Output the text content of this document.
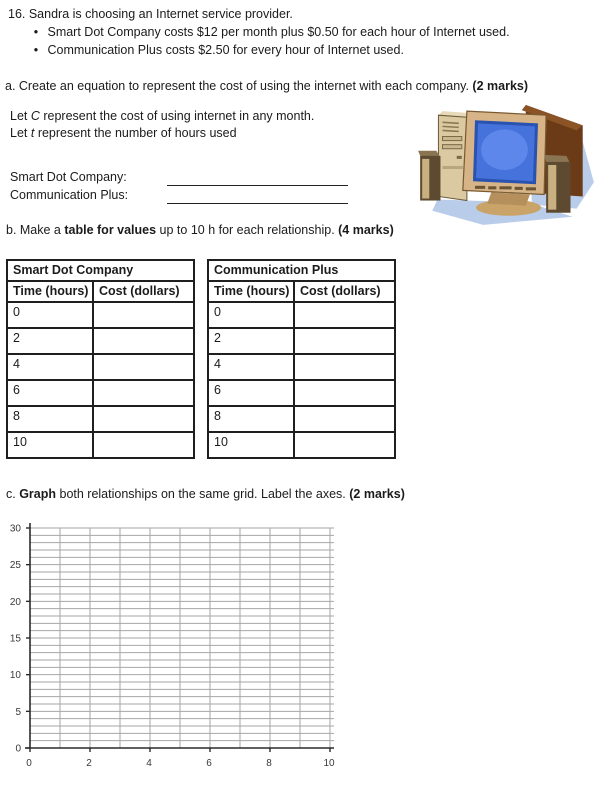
16. Sandra is choosing an Internet service provider.
• Smart Dot Company costs $12 per month plus $0.50 for each hour of Internet used.
• Communication Plus costs $2.50 for every hour of Internet used.
a. Create an equation to represent the cost of using the internet with each company. (2 marks)
Let C represent the cost of using internet in any month.
Let t represent the number of hours used
Smart Dot Company:
Communication Plus:
b. Make a table for values up to 10 h for each relationship. (4 marks)
Smart Dot Company	
Time (hours)	Cost (dollars)
0	
2	
4	
6	
8	
10	
Communication Plus	
Time (hours)	Cost (dollars)
0	
2	
4	
6	
8	
10	
c. Graph both relationships on the same grid. Label the axes. (2 marks)
0
5
10
15
20
25
30
0	2	4	6	8	10
